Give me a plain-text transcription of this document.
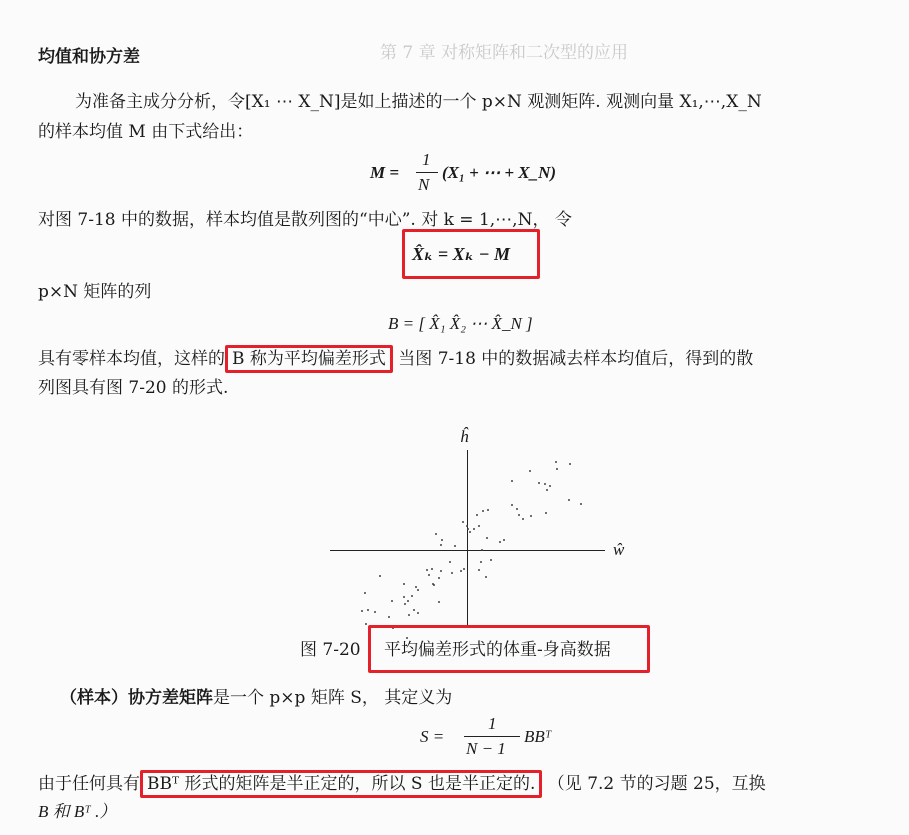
第 7 章 对称矩阵和二次型的应用
均值和协方差
为准备主成分分析，令[X₁ ⋯ X_N]是如上描述的一个 p×N 观测矩阵. 观测向量 X₁,⋯,X_N
的样本均值 M 由下式给出：
M =
1
N
(X₁ + ⋯ + X_N)
对图 7-18 中的数据，样本均值是散列图的“中心”. 对 k = 1,⋯,N， 令
X̂ₖ = Xₖ − M
p×N 矩阵的列
B = [ X̂₁ X̂₂ ⋯ X̂_N ]
具有零样本均值，这样的 B 称为平均偏差形式 当图 7-18 中的数据减去样本均值后，得到的散
列图具有图 7-20 的形式.
ĥ
ŵ
图 7-20 平均偏差形式的体重-身高数据
（样本）协方差矩阵是一个 p×p 矩阵 S， 其定义为
S =
1
N − 1
BBᵀ
由于任何具有 BBᵀ 形式的矩阵是半正定的，所以 S 也是半正定的. （见 7.2 节的习题 25，互换
B 和 Bᵀ .）
